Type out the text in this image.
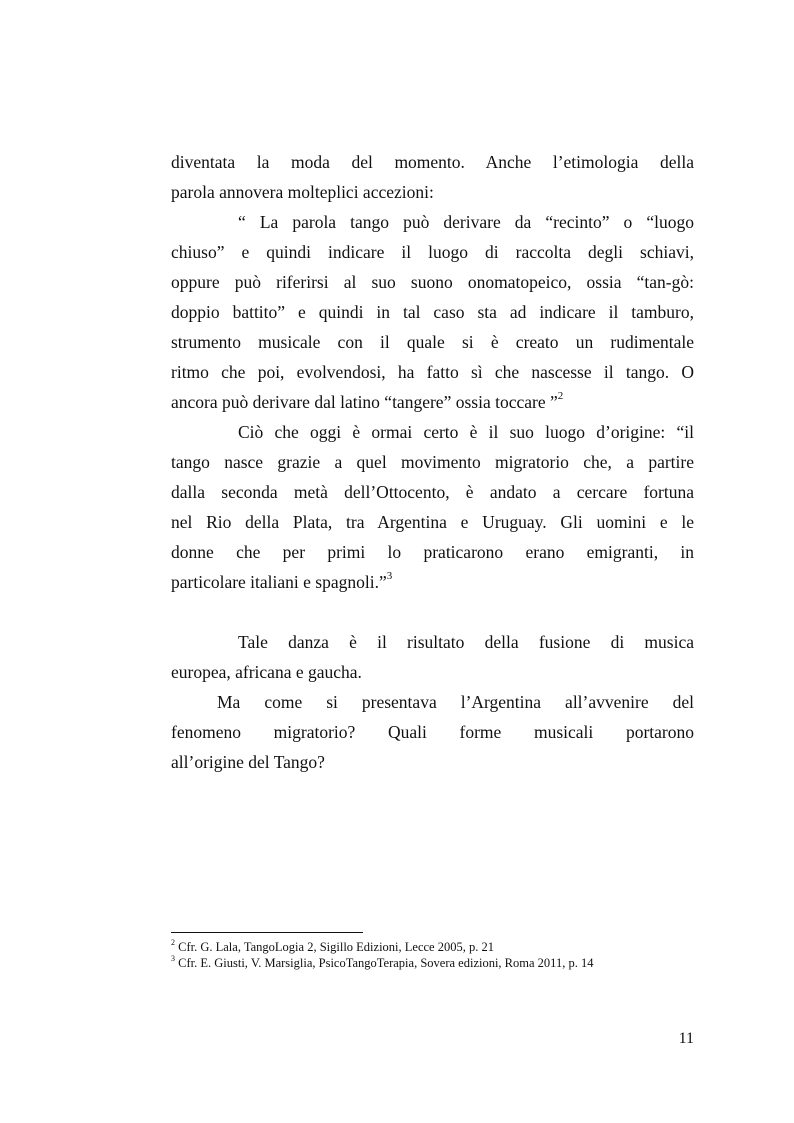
diventata la moda del momento. Anche l’etimologia della
parola annovera molteplici accezioni:
“ La parola tango può derivare da “recinto” o “luogo
chiuso” e quindi indicare il luogo di raccolta degli schiavi,
oppure può riferirsi al suo suono onomatopeico, ossia “tan-gò:
doppio battito” e quindi in tal caso sta ad indicare il tamburo,
strumento musicale con il quale si è creato un rudimentale
ritmo che poi, evolvendosi, ha fatto sì che nascesse il tango. O
ancora può derivare dal latino “tangere” ossia toccare ”$^2$
Ciò che oggi è ormai certo è il suo luogo d’origine: “il
tango nasce grazie a quel movimento migratorio che, a partire
dalla seconda metà dell’Ottocento, è andato a cercare fortuna
nel Rio della Plata, tra Argentina e Uruguay. Gli uomini e le
donne che per primi lo praticarono erano emigranti, in
particolare italiani e spagnoli.”$^3$
Tale danza è il risultato della fusione di musica
europea, africana e gaucha.
Ma come si presentava l’Argentina all’avvenire del
fenomeno migratorio? Quali forme musicali portarono
all’origine del Tango?
$^2$ Cfr. G. Lala, TangoLogia 2, Sigillo Edizioni, Lecce 2005, p. 21
$^3$ Cfr. E. Giusti, V. Marsiglia, PsicoTangoTerapia, Sovera edizioni, Roma 2011, p. 14
11
